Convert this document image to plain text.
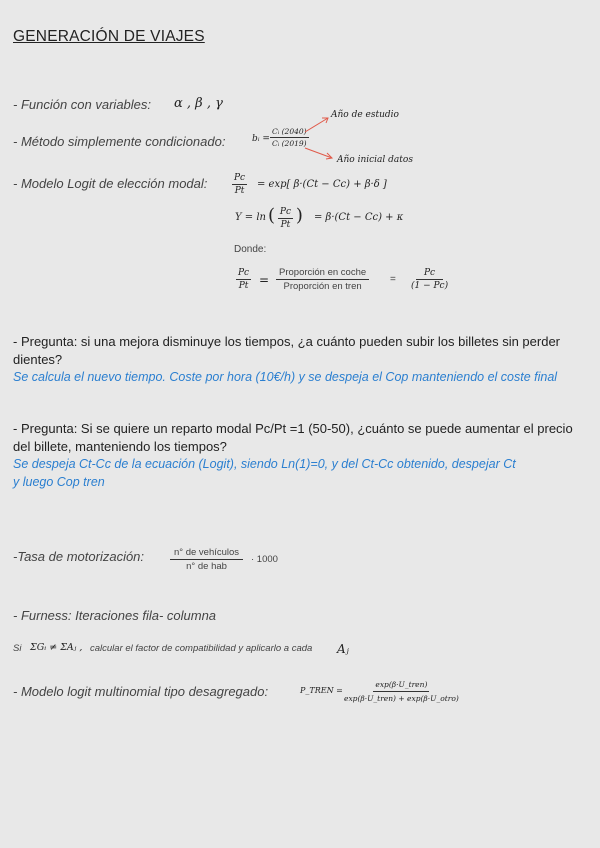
GENERACIÓN DE VIAJES
- Función con variables: α , β , γ
- Método simplemente condicionado:
Año de estudio
bᵢ = $\frac{\text{Cᵢ (2040)}}{\text{Cᵢ (2019)}}$
Año inicial datos
- Modelo Logit de elección modal:	$\frac{Pc}{Pt} = \exp$[ β·(Ct − Cc) + β·δ ]
Y = ln ( $\frac{Pc}{Pt}$ ) = β·(Ct − Cc) + κ
Donde:
$\frac{Pc}{Pt} = \frac{\text{Proporción en coche}}{\text{Proporción en tren}} = \frac{Pc}{(1 - Pc)}$
- Pregunta: si una mejora disminuye los tiempos, ¿a cuánto pueden subir los billetes sin perder dientes?
Se calcula el nuevo tiempo. Coste por hora (10€/h) y se despeja el Cop manteniendo el coste final
- Pregunta: Si se quiere un reparto modal Pc/Pt =1 (50-50), ¿cuánto se puede aumentar el precio del billete, manteniendo los tiempos?
Se despeja Ct-Cc de la ecuación (Logit), siendo Ln(1)=0, y del Ct-Cc obtenido, despejar Ct
y luego Cop tren
-Tasa de motorización:	$\frac{\text{n° de vehículos}}{\text{n° de hab}} \cdot 1000$
- Furness: Iteraciones fila- columna
Si ΣGᵢ ≠ ΣAⱼ , calcular el factor de compatibilidad y aplicarlo a cada Aⱼ
- Modelo logit multinomial tipo desagregado:	P_TREN = $\frac{\text{exp(β·U\_tren)}}{\text{exp(β·U\_tren) + exp(β·U\_otro)}}$
